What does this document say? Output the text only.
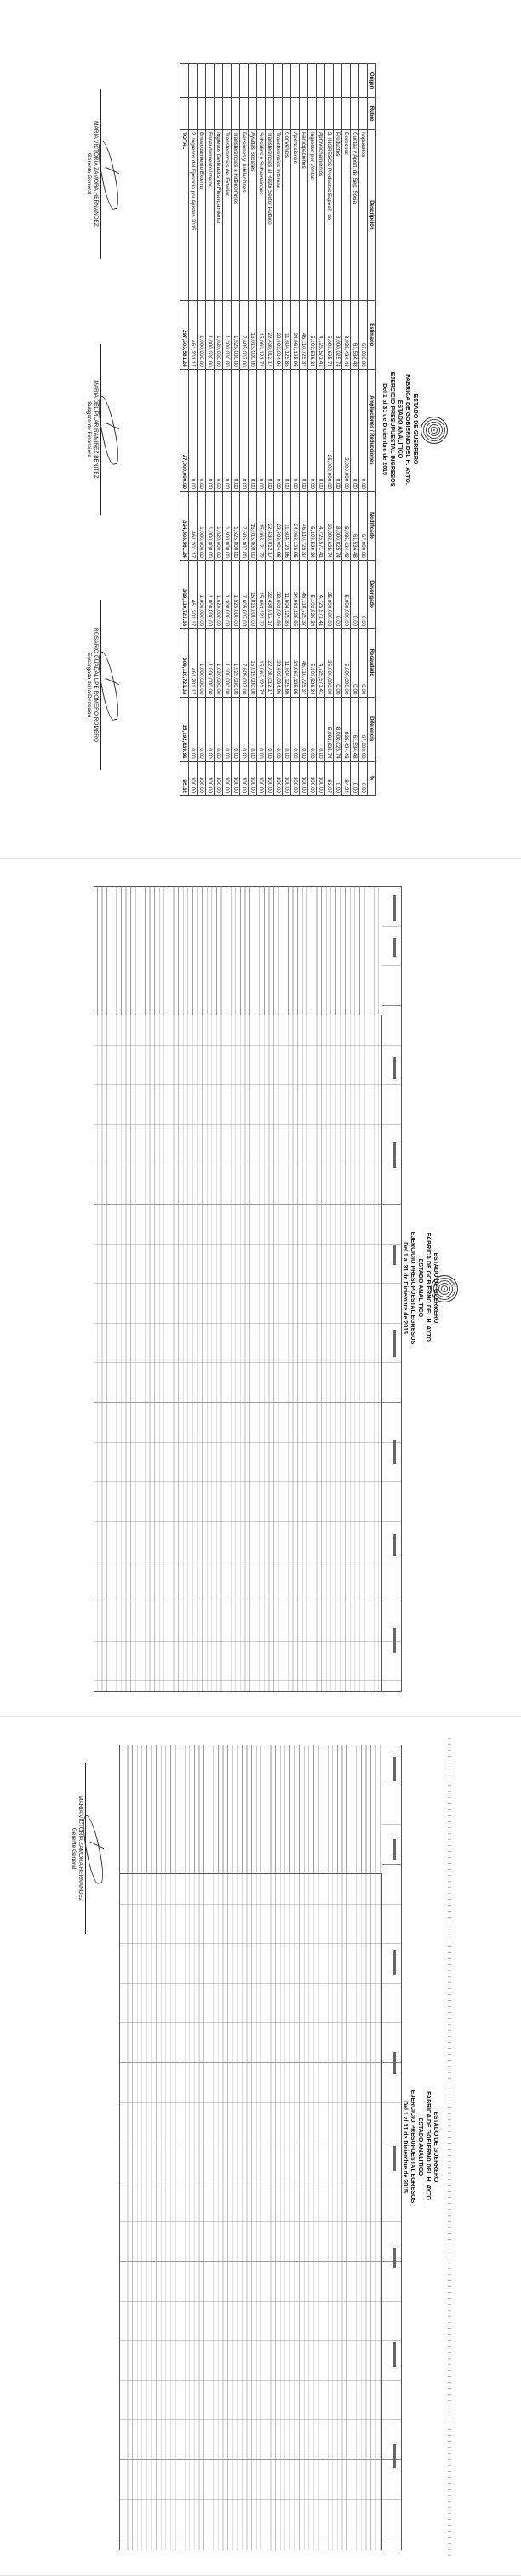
ESTADO DE GUERRERO
FABRICA DE GOBIERNO DEL H. AYTO.
ESTADO ANALITICO
EJERCICIO PRESUPUESTAL INGRESOS
Del 1 al 31 de Diciembre de 2015
Origen	Rubro	Descripción	Estimado	Ampliaciones / Reducciones	Modificado	Devengado	Recaudado	Diferencia	%
		Impuestos	67,000.00	0.00	67,000.00	0.00	0.00	67,000.00	0.00
		Cuotas y Aport. de Seg. Social	61,534.48	0.00	61,534.48	0.00	0.00	61,534.48	0.00
		Derechos	3,935,424.43	2,000,000.00	5,935,424.43	5,000,000.00	5,000,000.00	935,424.43	84.24
		Productos	8,000,025.74	0.00	8,000,025.74	0.00	0.00	8,000,025.74	0.00
		2. INGRESOS Productos Especif. de	5,093,625.74	25,000,000.00	30,093,625.74	25,000,000.00	25,000,000.00	5,093,625.74	83.07
		Aprovechamientos	4,725,571.41	0.00	4,725,571.41	4,725,571.41	4,725,571.41	0.00	100.00
		Ingresos por Ventas	5,103,526.34	0.00	5,103,526.34	5,103,526.34	5,103,526.34	0.00	100.00
		Participaciones	46,110,725.37	0.00	46,110,725.37	46,110,725.37	46,110,725.37	0.00	100.00
		Aportaciones	24,963,125.95	0.00	24,963,125.95	24,963,125.95	24,963,125.95	0.00	100.00
		Convenios	11,604,125.86	0.00	11,604,125.86	11,604,125.86	11,604,125.86	0.00	100.00
		Transferencias Internas	22,603,004.96	0.00	22,603,004.96	22,603,004.96	22,603,004.96	0.00	100.00
		Transferencias al Resto Sector Público	22,430,012.17	0.00	22,430,012.17	22,430,012.17	22,430,012.17	0.00	100.00
		Subsidios y Subvenciones	15,063,121.72	0.00	15,063,121.72	15,063,121.72	15,063,121.72	0.00	100.00
		Ayudas Sociales	15,015,000.00	0.00	15,015,000.00	15,015,000.00	15,015,000.00	0.00	100.00
		Pensiones y Jubilaciones	7,605,007.00	0.00	7,605,007.00	7,605,007.00	7,605,007.00	0.00	100.00
		Transferencias a Fideicomisos	1,525,000.00	0.00	1,525,000.00	1,525,000.00	1,525,000.00	0.00	100.00
		Transferencias del Exterior	1,300,000.00	0.00	1,300,000.00	1,300,000.00	1,300,000.00	0.00	100.00
		Ingresos Derivados de Financiamiento	1,020,000.00	0.00	1,020,000.00	1,020,000.00	1,020,000.00	0.00	100.00
		Endeudamiento Interno	1,000,000.00	0.00	1,000,000.00	1,000,000.00	1,000,000.00	0.00	100.00
		Endeudamiento Externo	1,000,000.00	0.00	1,000,000.00	1,000,000.00	1,000,000.00	0.00	100.00
		2. Ingresos del Ejercicio por Ajustes 2015	461,201.17	0.00	461,201.17	461,201.17	461,201.17	0.00	100.00
		TOTAL	297,303,561.24	27,000,000.00	324,303,561.24	309,110,721.33	309,110,721.33	15,192,839.91	95.32
MARIA VICTORIA ZAMORA HERNANDEZ
Gerente General
MARIA DEL PILAR RAMIREZ BENITEZ
Subgerente Financiero
ROSARIO GUADALUPE ROMERO ROMERO
Encargada de la Dirección
ESTADO DE GUERRERO
FABRICA DE GOBIERNO DEL H. AYTO.
ESTADO ANALITICO
EJERCICIO PRESUPUESTAL EGRESOS
Del 1 al 31 de Diciembre de 2015
ESTADO DE GUERRERO
FABRICA DE GOBIERNO DEL H. AYTO.
ESTADO ANALITICO
EJERCICIO PRESUPUESTAL EGRESOS
Del 1 al 31 de Diciembre de 2015
MARIA VICTORIA ZAMORA HERNANDEZ
Gerente General
